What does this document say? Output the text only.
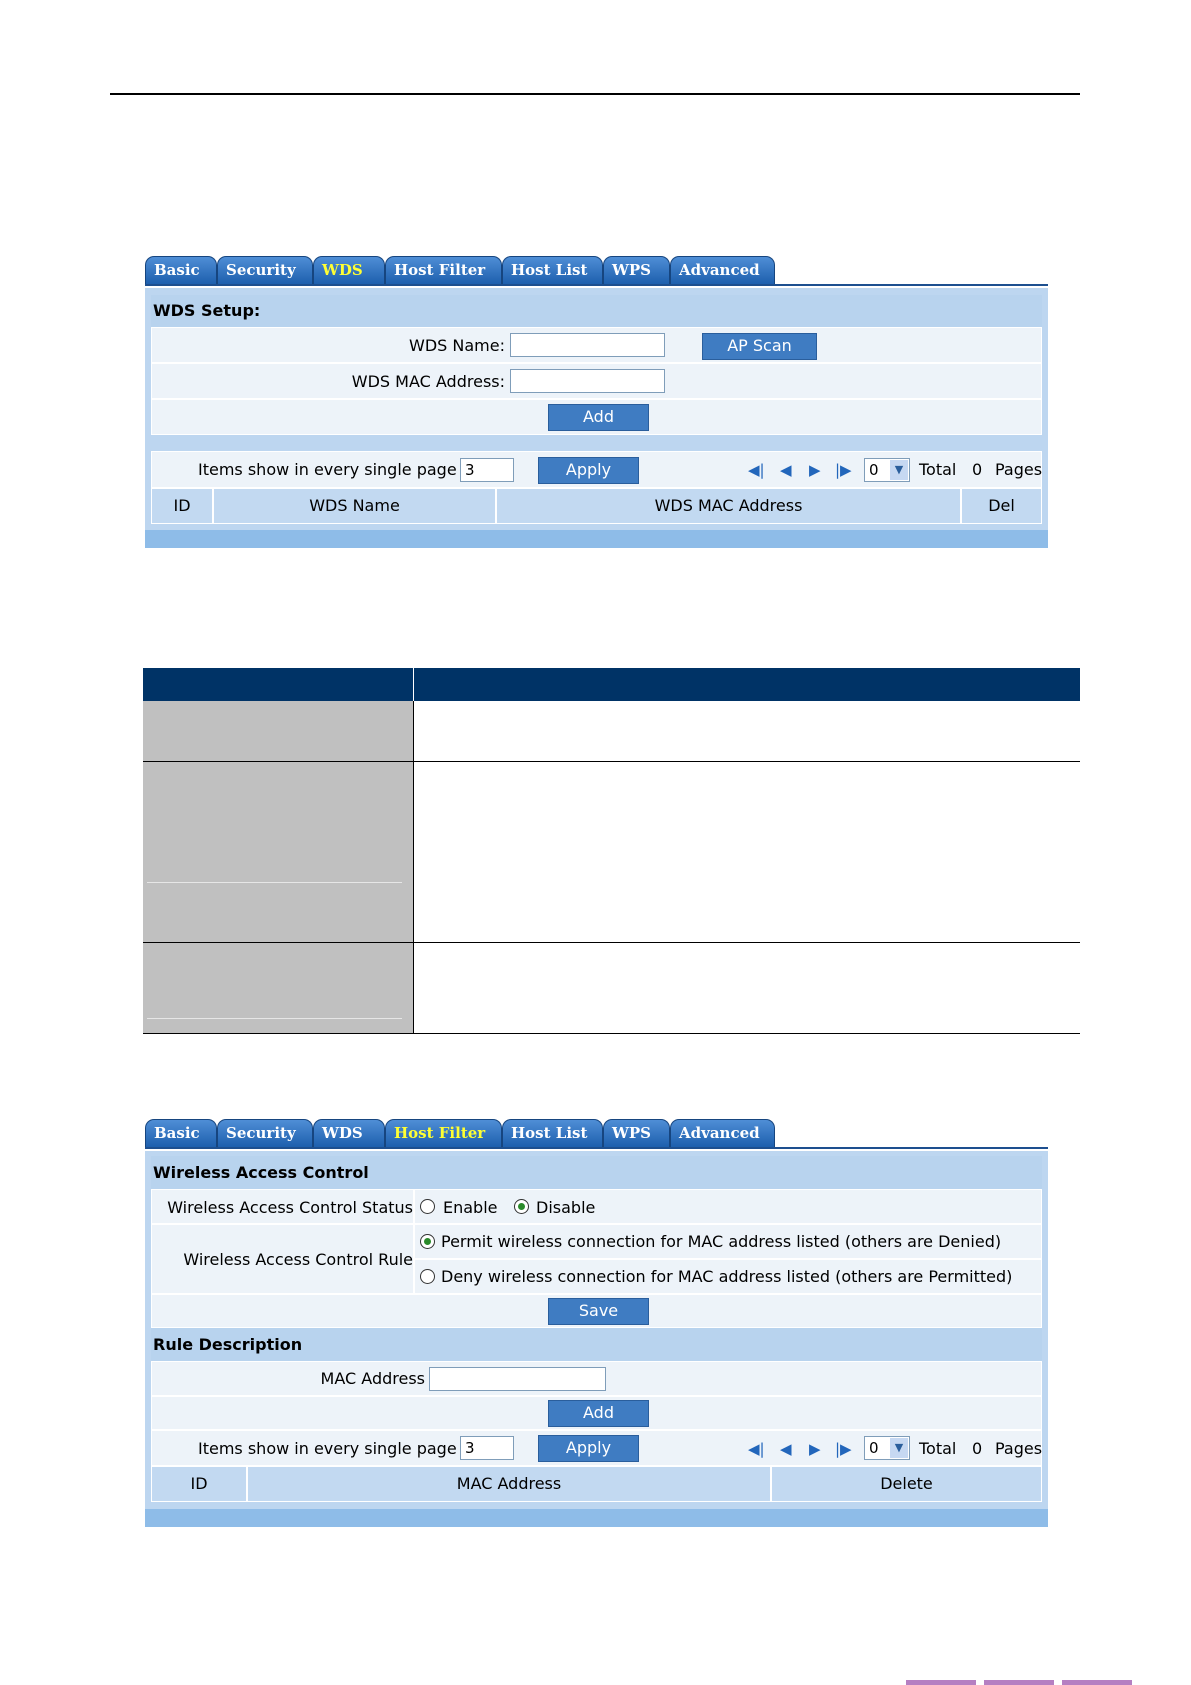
Basic	Security	WDS	Host Filter	Host List	WPS	Advanced
WDS Setup:
WDS Name:	AP Scan
WDS MAC Address:
Add
Items show in every single page
3	Apply	◀| ◀ ▶ |▶	0	▼ Total 0 Pages
ID	WDS Name	WDS MAC Address	Del
Basic	Security	WDS	Host Filter	Host List	WPS	Advanced
Wireless Access Control
Wireless Access Control Status Enable Disable
Wireless Access Control Rule
Permit wireless connection for MAC address listed (others are Denied)
Deny wireless connection for MAC address listed (others are Permitted)
Save
Rule Description
MAC Address
Add
Items show in every single page
3	Apply	◀| ◀ ▶ |▶	0	▼ Total 0 Pages
ID	MAC Address	Delete
